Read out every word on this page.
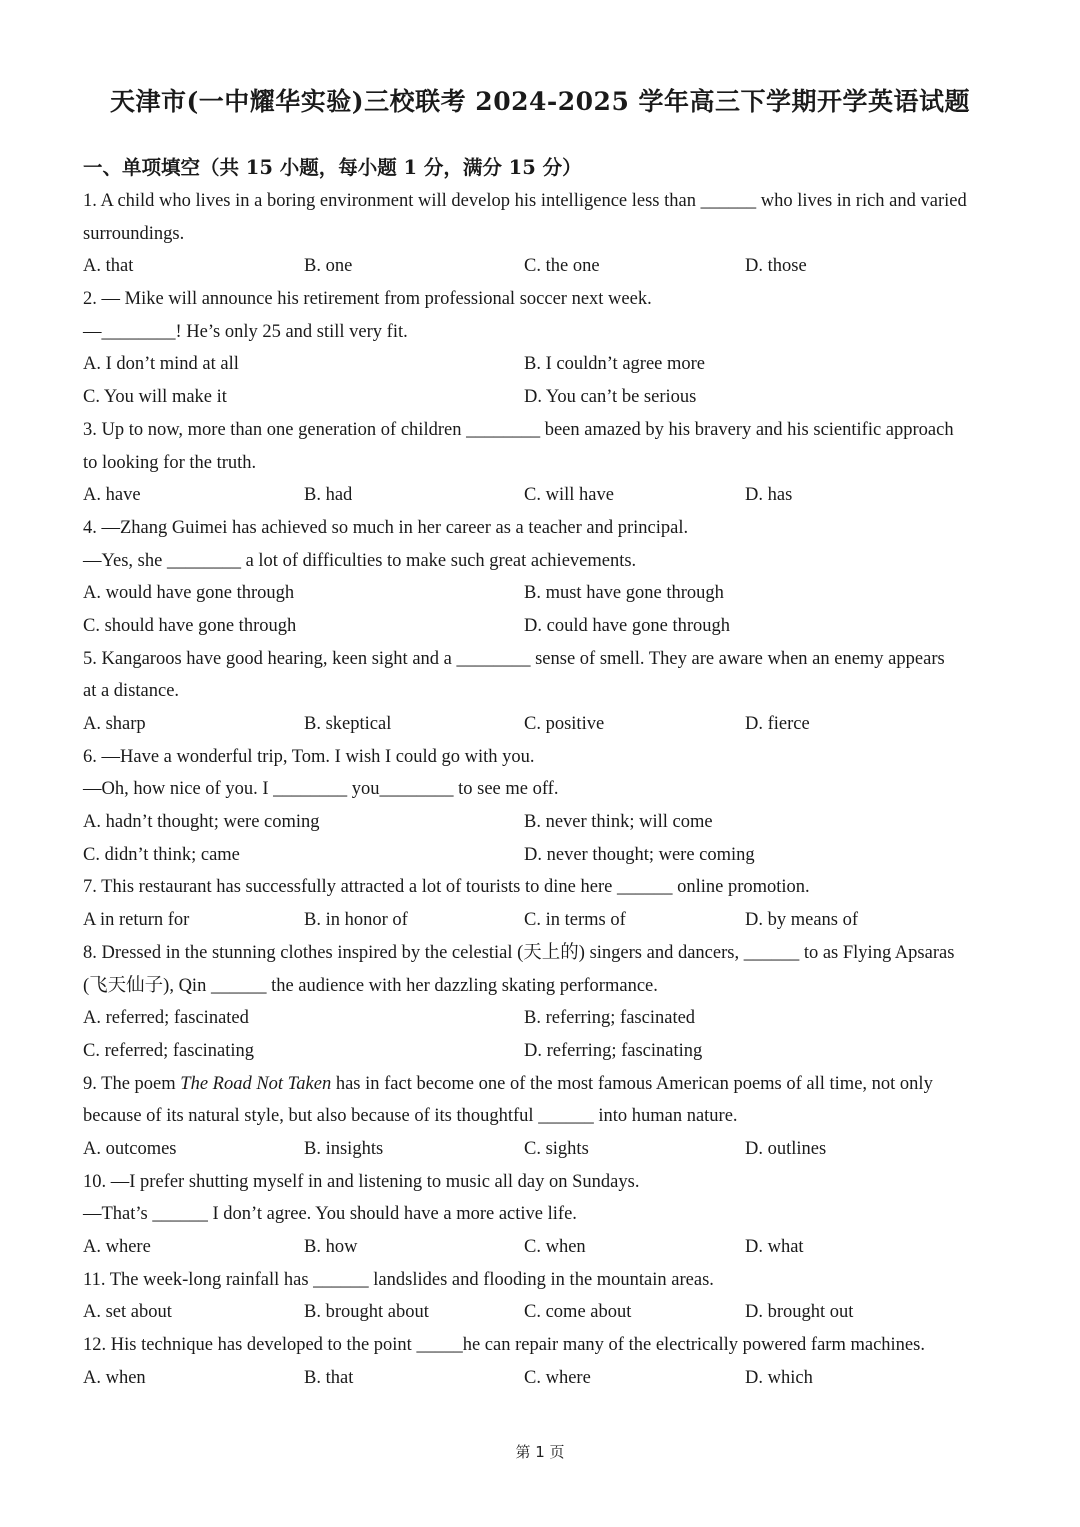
天津市(一中耀华实验)三校联考 2024-2025 学年高三下学期开学英语试题
一、单项填空（共 15 小题，每小题 1 分，满分 15 分）
1. A child who lives in a boring environment will develop his intelligence less than ______ who lives in rich and varied
surroundings.
A. that	B. one	C. the one	D. those
2. — Mike will announce his retirement from professional soccer next week.
—________! He’s only 25 and still very fit.
A. I don’t mind at all	B. I couldn’t agree more
C. You will make it	D. You can’t be serious
3. Up to now, more than one generation of children ________ been amazed by his bravery and his scientific approach
to looking for the truth.
A. have	B. had	C. will have	D. has
4. —Zhang Guimei has achieved so much in her career as a teacher and principal.
—Yes, she ________ a lot of difficulties to make such great achievements.
A. would have gone through	B. must have gone through
C. should have gone through	D. could have gone through
5. Kangaroos have good hearing, keen sight and a ________ sense of smell. They are aware when an enemy appears
at a distance.
A. sharp	B. skeptical	C. positive	D. fierce
6. —Have a wonderful trip, Tom. I wish I could go with you.
—Oh, how nice of you. I ________ you________ to see me off.
A. hadn’t thought; were coming	B. never think; will come
C. didn’t think; came	D. never thought; were coming
7. This restaurant has successfully attracted a lot of tourists to dine here ______ online promotion.
A in return for	B. in honor of	C. in terms of	D. by means of
8. Dressed in the stunning clothes inspired by the celestial (天上的) singers and dancers, ______ to as Flying Apsaras
(飞天仙子), Qin ______ the audience with her dazzling skating performance.
A. referred; fascinated	B. referring; fascinated
C. referred; fascinating	D. referring; fascinating
9. The poem The Road Not Taken has in fact become one of the most famous American poems of all time, not only
because of its natural style, but also because of its thoughtful ______ into human nature.
A. outcomes	B. insights	C. sights	D. outlines
10. —I prefer shutting myself in and listening to music all day on Sundays.
—That’s ______ I don’t agree. You should have a more active life.
A. where	B. how	C. when	D. what
11. The week-long rainfall has ______ landslides and flooding in the mountain areas.
A. set about	B. brought about	C. come about	D. brought out
12. His technique has developed to the point _____he can repair many of the electrically powered farm machines.
A. when	B. that	C. where	D. which
第 1 页
